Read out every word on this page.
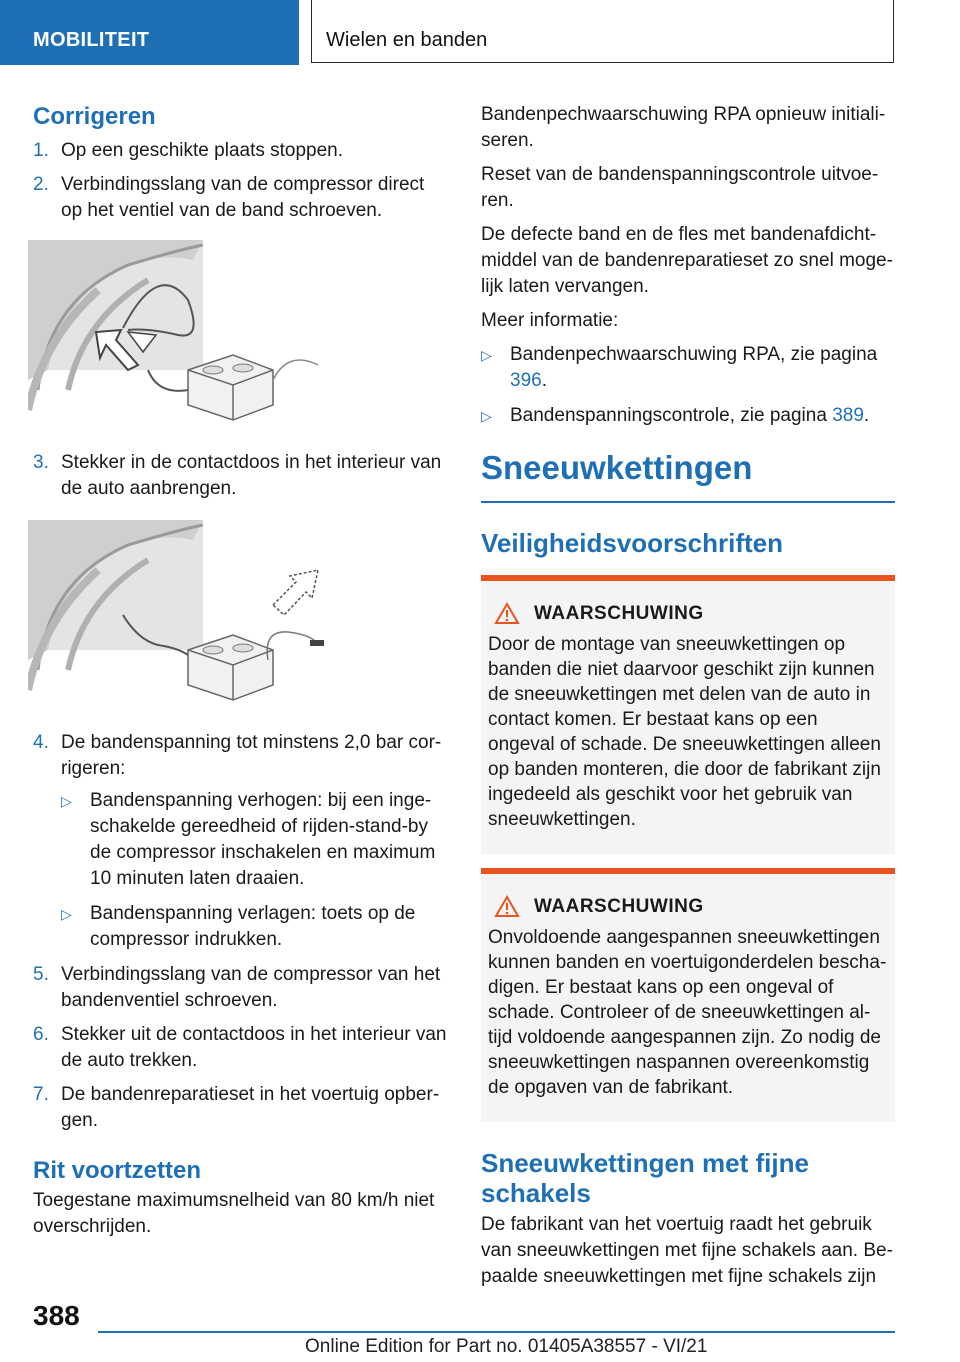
MOBILITEIT	Wielen en banden
Corrigeren
1. Op een geschikte plaats stoppen.
2. Verbindingsslang van de compressor direct op het ventiel van de band schroeven.
3. Stekker in de contactdoos in het interieur van de auto aanbrengen.
4. De bandenspanning tot minstens 2,0 bar corrigeren:
▷ Bandenspanning verhogen: bij een ingeschakelde gereedheid of rijden-stand-by de compressor inschakelen en maximum 10 minuten laten draaien.
▷ Bandenspanning verlagen: toets op de compressor indrukken.
5. Verbindingsslang van de compressor van het bandenventiel schroeven.
6. Stekker uit de contactdoos in het interieur van de auto trekken.
7. De bandenreparatieset in het voertuig opbergen.
Rit voortzetten

Toegestane maximumsnelheid van 80 km/h niet overschrijden.

Bandenpechwaarschuwing RPA opnieuw initialiseren.

Reset van de bandenspanningscontrole uitvoeren.

De defecte band en de fles met bandenafdichtmiddel van de bandenreparatieset zo snel mogelijk laten vervangen.

Meer informatie:

▷ Bandenpechwaarschuwing RPA, zie pagina 396.
▷ Bandenspanningscontrole, zie pagina 389.
Sneeuwkettingen
Veiligheidsvoorschriften
WAARSCHUWING
Door de montage van sneeuwkettingen op banden die niet daarvoor geschikt zijn kunnen de sneeuwkettingen met delen van de auto in contact komen. Er bestaat kans op een ongeval of schade. De sneeuwkettingen alleen op banden monteren, die door de fabrikant zijn ingedeeld als geschikt voor het gebruik van sneeuwkettingen.
WAARSCHUWING
Onvoldoende aangespannen sneeuwkettingen kunnen banden en voertuigonderdelen beschadigen. Er bestaat kans op een ongeval of schade. Controleer of de sneeuwkettingen altijd voldoende aangespannen zijn. Zo nodig de sneeuwkettingen naspannen overeenkomstig de opgaven van de fabrikant.
Sneeuwkettingen met fijne schakels

De fabrikant van het voertuig raadt het gebruik van sneeuwkettingen met fijne schakels aan. Bepaalde sneeuwkettingen met fijne schakels zijn

388
Online Edition for Part no. 01405A38557 - VI/21
